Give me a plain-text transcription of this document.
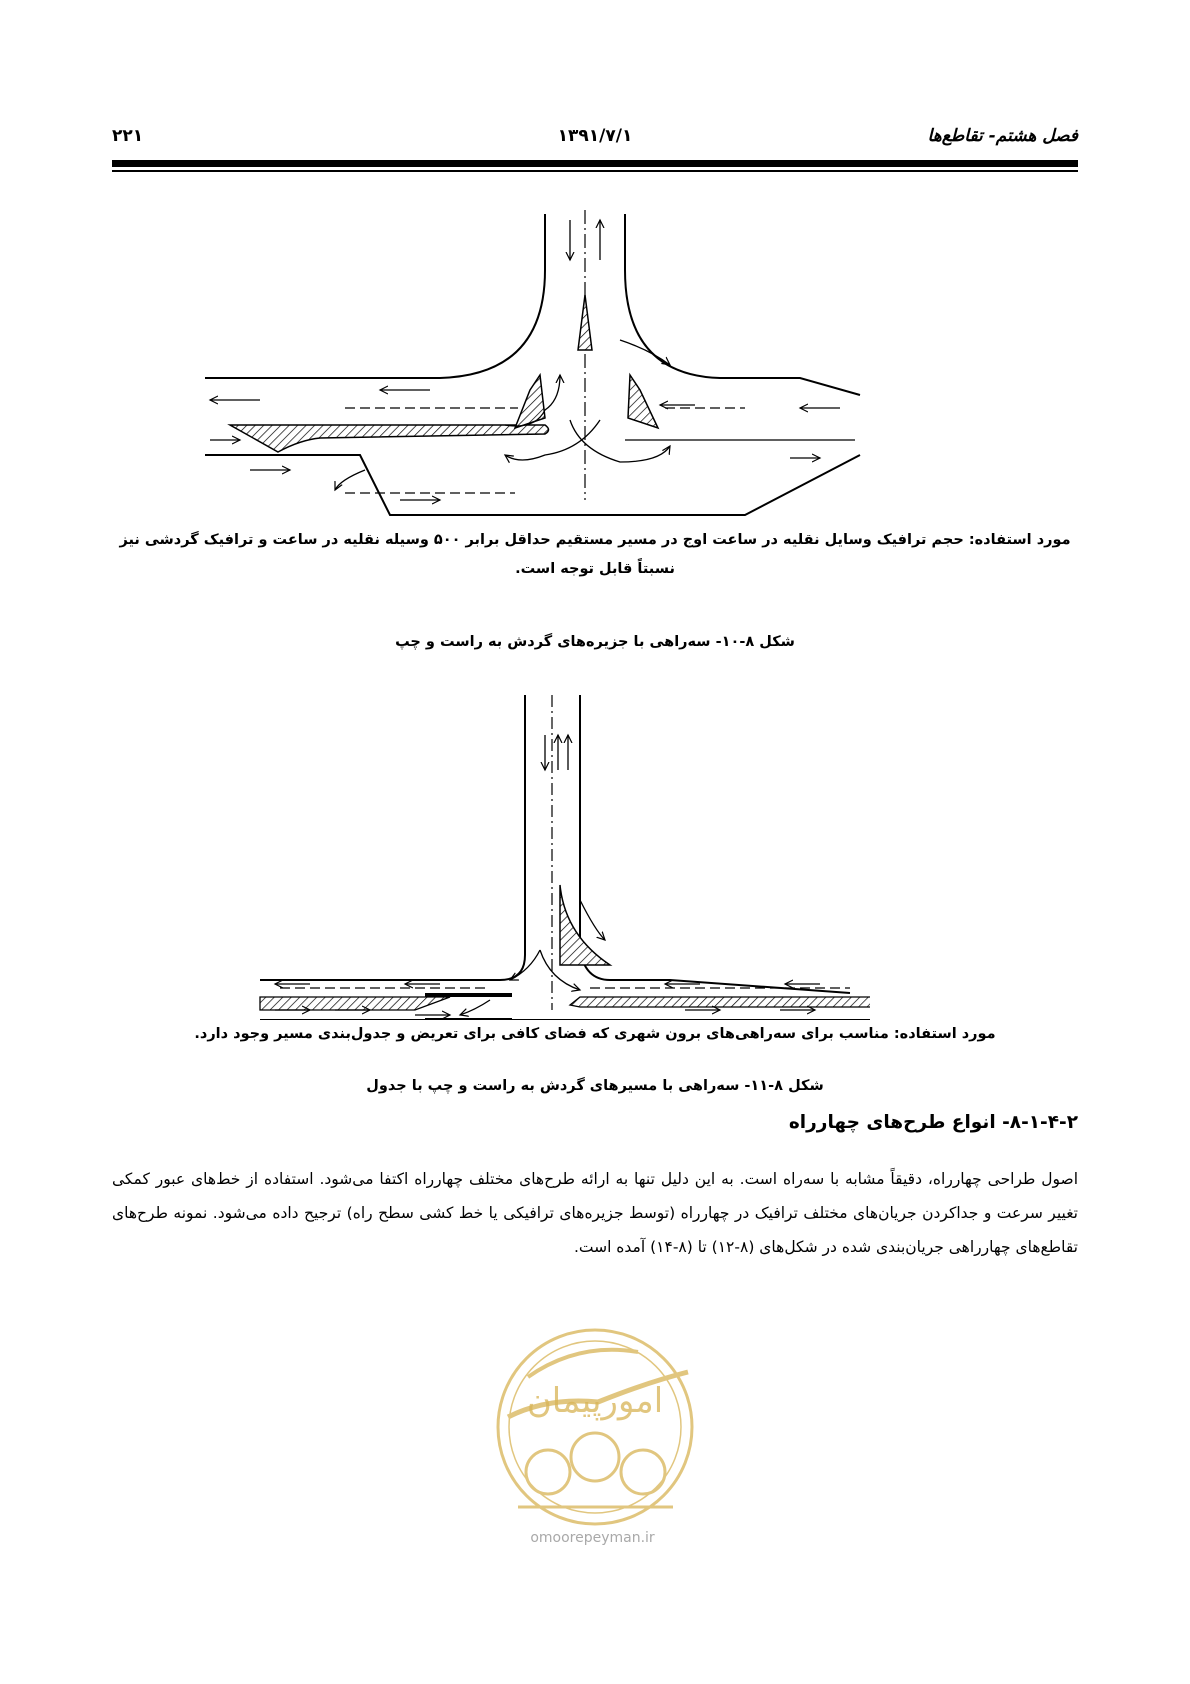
فصل هشتم- تقاطع‌ها
۱۳۹۱/۷/۱
۲۲۱
مورد استفاده: حجم ترافیک وسایل نقلیه در ساعت اوج در مسیر مستقیم حداقل برابر ۵۰۰ وسیله نقلیه در ساعت و ترافیک گردشی نیز نسبتاً قابل توجه است.
شکل ۸-۱۰- سه‌راهی با جزیره‌های گردش به راست و چپ
مورد استفاده: مناسب برای سه‌راهی‌های برون شهری که فضای کافی برای تعریض و جدول‌بندی مسیر وجود دارد.
شکل ۸-۱۱- سه‌راهی با مسیرهای گردش به راست و چپ با جدول
۸-۱-۴-۲- انواع طرح‌های چهارراه

اصول طراحی چهارراه، دقیقاً مشابه با سه‌راه است. به این دلیل تنها به ارائه طرح‌های مختلف چهارراه اکتفا می‌شود. استفاده از خط‌های عبور کمکی تغییر سرعت و جداکردن جریان‌های مختلف ترافیک در چهارراه (توسط جزیره‌های ترافیکی یا خط کشی سطح راه) ترجیح داده می‌شود. نمونه طرح‌های تقاطع‌های چهارراهی جریان‌بندی شده در شکل‌های (۸-۱۲) تا (۸-۱۴) آمده است.

امورپیمان
omoorepeyman.ir
